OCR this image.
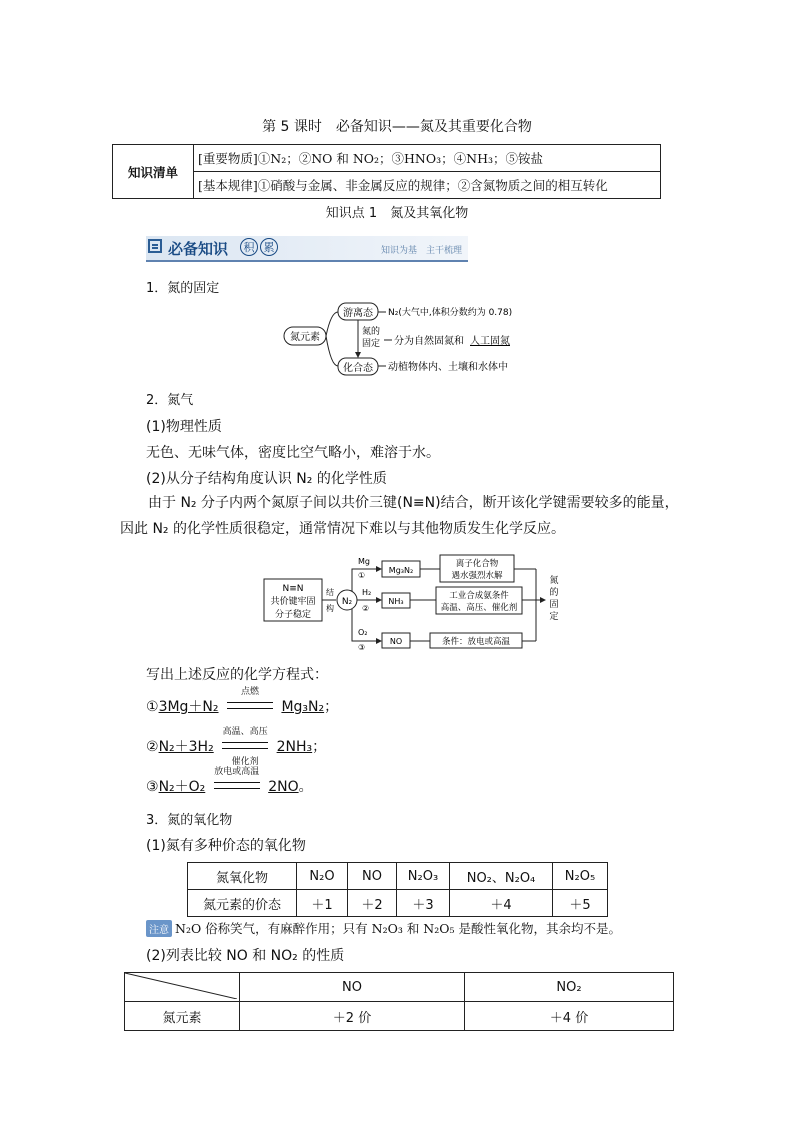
第 5 课时　必备知识——氮及其重要化合物
知识清单	[重要物质]①N₂；②NO 和 NO₂；③HNO₃；④NH₃；⑤铵盐
[基本规律]①硝酸与金属、非金属反应的规律；②含氮物质之间的相互转化
知识点 1　氮及其氧化物
必备知识	积 累	知识为基　主干梳理
1．氮的固定
氮元素
游离态
化合态
氮的
固定
N₂(大气中,体积分数约为 0.78)
分为自然固氮和 人工固氮
动植物体内、土壤和水体中
2．氮气
(1)物理性质
无色、无味气体，密度比空气略小，难溶于水。
(2)从分子结构角度认识 N₂ 的化学性质
由于 N₂ 分子内两个氮原子间以共价三键(N≡N)结合，断开该化学键需要较多的能量，因此 N₂ 的化学性质很稳定，通常情况下难以与其他物质发生化学反应。
N≡N
共价键牢固
分子稳定
结
构
N₂
Mg
①
Mg₃N₂
离子化合物
遇水强烈水解
H₂
②
NH₃
工业合成氨条件
高温、高压、催化剂
O₂
③
NO	条件：放电或高温
氮
的
固
定
写出上述反应的化学方程式：
①3Mg＋N₂
点燃
Mg₃N₂；
②N₂＋3H₂
高温、高压
催化剂
2NH₃；
③N₂＋O₂
放电或高温
2NO。
3．氮的氧化物
(1)氮有多种价态的氧化物
氮氧化物	N₂O	NO	N₂O₃	NO₂、N₂O₄	N₂O₅
氮元素的价态	＋1	＋2	＋3	＋4	＋5
注意 N₂O 俗称笑气，有麻醉作用；只有 N₂O₃ 和 N₂O₅ 是酸性氧化物，其余均不是。
(2)列表比较 NO 和 NO₂ 的性质
	NO	NO₂
氮元素	＋2 价	＋4 价
